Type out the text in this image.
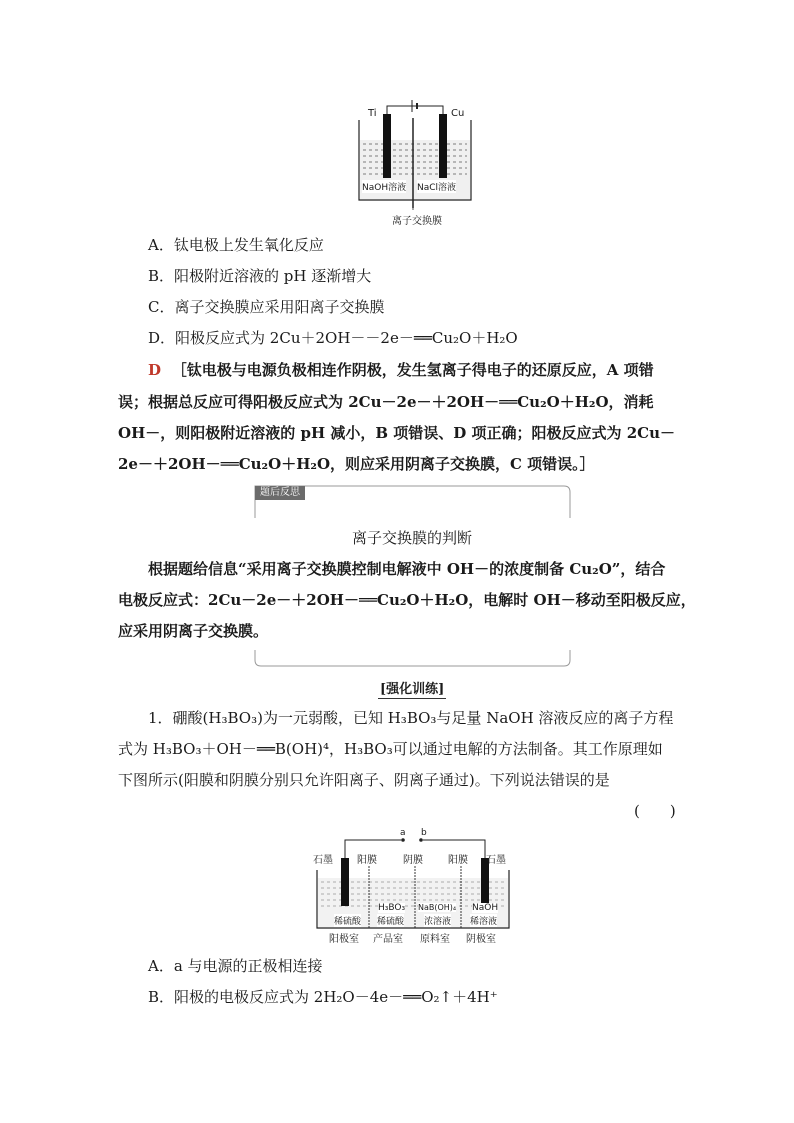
Ti	Cu
NaOH溶液 NaCl溶液
离子交换膜
A．钛电极上发生氧化反应
B．阳极附近溶液的 pH 逐渐增大
C．离子交换膜应采用阳离子交换膜
D．阳极反应式为 2Cu＋2OH－－2e－══Cu₂O＋H₂O
D ［钛电极与电源负极相连作阴极，发生氢离子得电子的还原反应，A 项错
误；根据总反应可得阳极反应式为 2Cu－2e－＋2OH－══Cu₂O＋H₂O，消耗
OH－，则阳极附近溶液的 pH 减小，B 项错误、D 项正确；阳极反应式为 2Cu－
2e－＋2OH－══Cu₂O＋H₂O，则应采用阴离子交换膜，C 项错误。］
题后反思
离子交换膜的判断
根据题给信息“采用离子交换膜控制电解液中 OH－的浓度制备 Cu₂O”，结合
电极反应式：2Cu－2e－＋2OH－══Cu₂O＋H₂O，电解时 OH－移动至阳极反应，
应采用阴离子交换膜。
[强化训练]
1．硼酸(H₃BO₃)为一元弱酸，已知 H₃BO₃与足量 NaOH 溶液反应的离子方程
式为 H₃BO₃＋OH－══B(OH)⁴，H₃BO₃可以通过电解的方法制备。其工作原理如
下图所示(阳膜和阴膜分别只允许阳离子、阴离子通过)。下列说法错误的是
(　　)
a b
石墨	石墨
阳膜	阴膜	阳膜
稀硫酸
H₃BO₃
稀硫酸
NaB(OH)₄
浓溶液
NaOH
稀溶液
阳极室 产品室 原料室 阴极室
A．a 与电源的正极相连接
B．阳极的电极反应式为 2H₂O－4e－══O₂↑＋4H⁺
